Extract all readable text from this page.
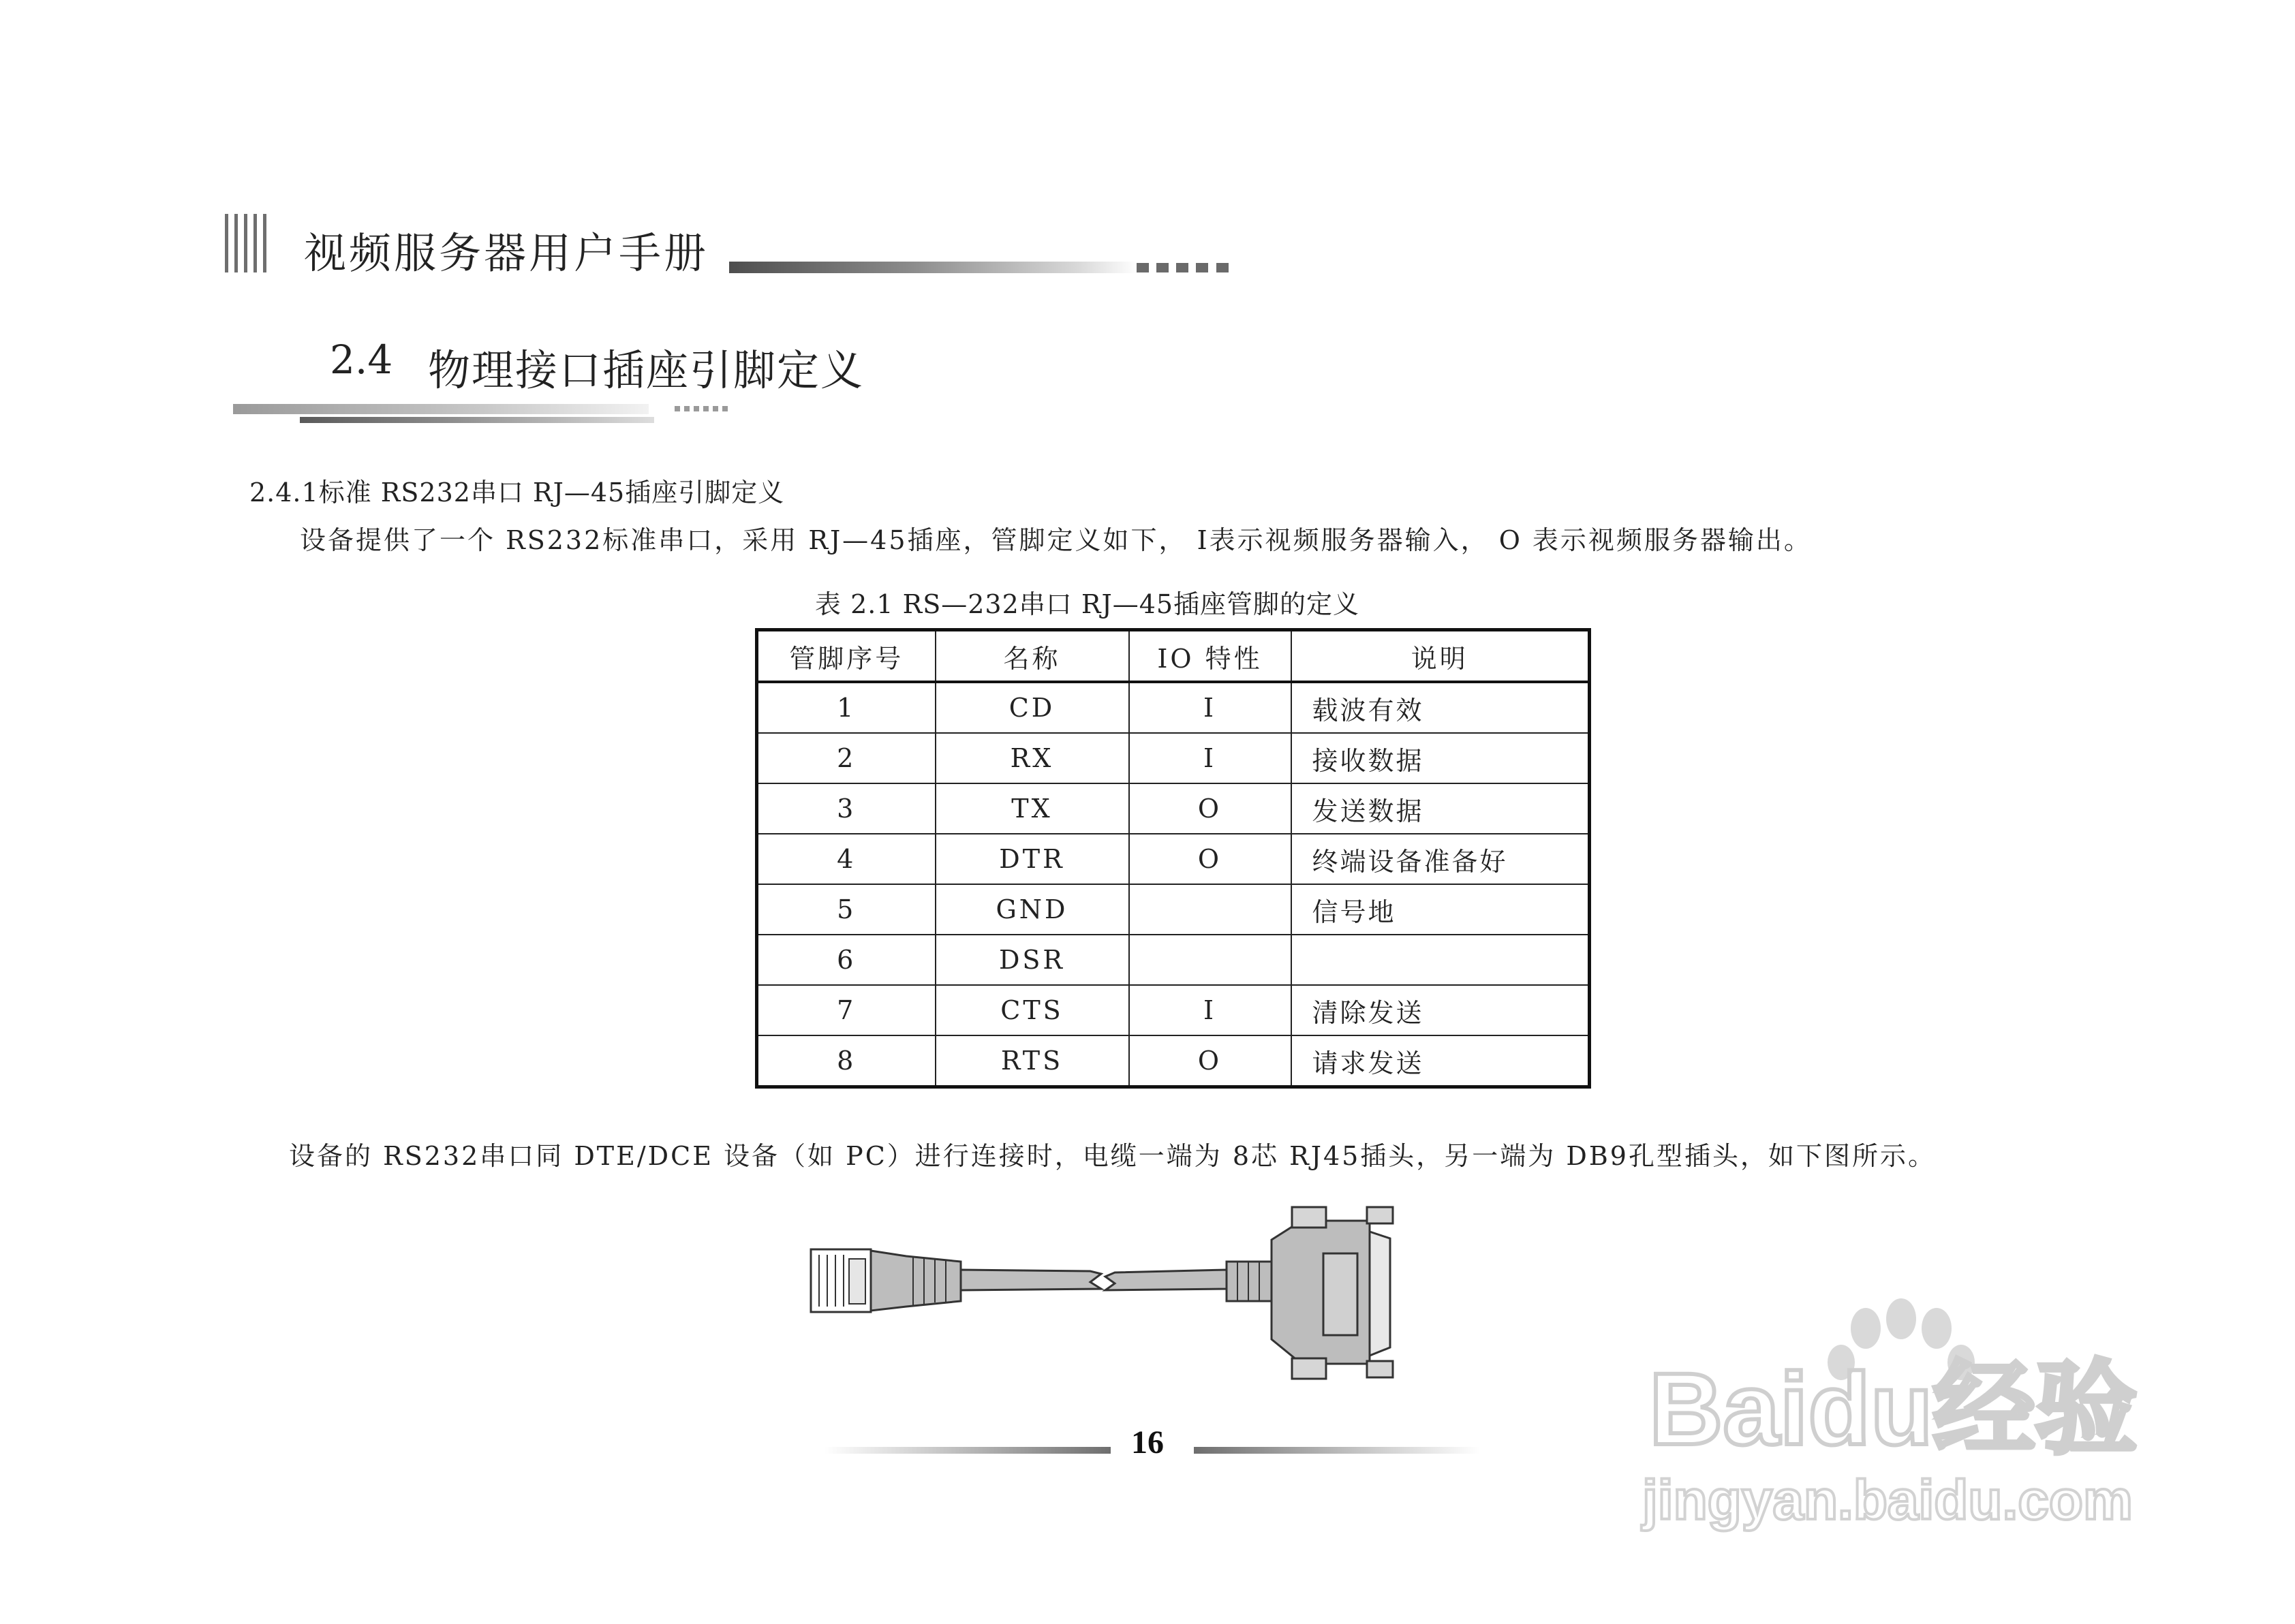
视频服务器用户手册
2.4 物理接口插座引脚定义
2.4.1标准 RS232串口 RJ—45插座引脚定义
设备提供了一个 RS232标准串口，采用 RJ—45插座，管脚定义如下， I表示视频服务器输入， O 表示视频服务器输出。
表 2.1 RS—232串口 RJ—45插座管脚的定义
管脚序号	名称	IO 特性	说明
1	CD	I	载波有效
2	RX	I	接收数据
3	TX	O	发送数据
4	DTR	O	终端设备准备好
5	GND		信号地
6	DSR		
7	CTS	I	清除发送
8	RTS	O	请求发送
设备的 RS232串口同 DTE/DCE 设备（如 PC）进行连接时，电缆一端为 8芯 RJ45插头，另一端为 DB9孔型插头，如下图所示。
16	Baidu经验
jingyan.baidu.com
